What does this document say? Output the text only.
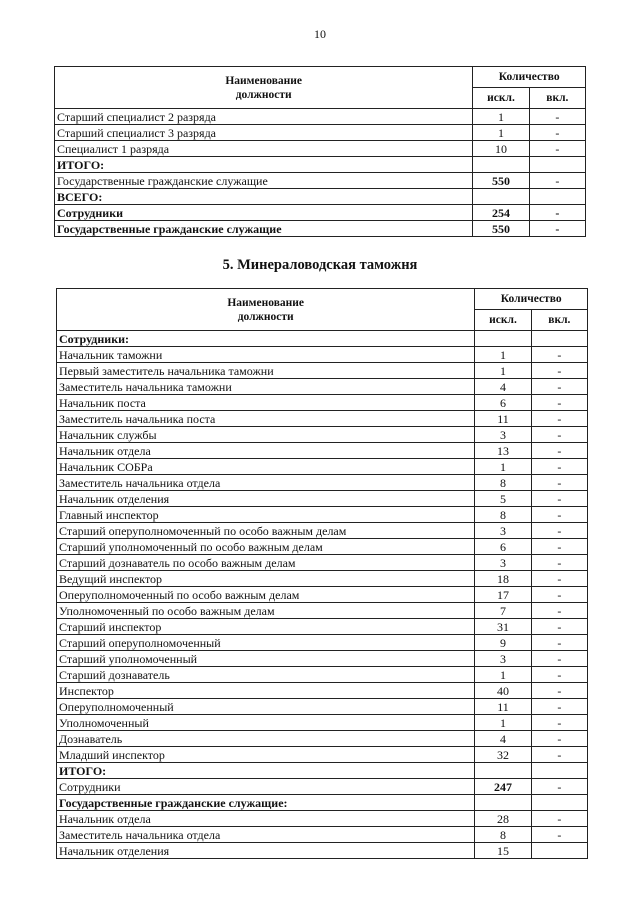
10
Наименование
должности	Количество	
	искл.	вкл.
Старший специалист 2 разряда	1	-
Старший специалист 3 разряда	1	-
Специалист 1 разряда	10	-
ИТОГО:		
Государственные гражданские служащие	550	-
ВСЕГО:		
Сотрудники	254	-
Государственные гражданские служащие	550	-
5. Минераловодская таможня
Наименование
должности	Количество	
	искл.	вкл.
Сотрудники:		
Начальник таможни	1	-
Первый заместитель начальника таможни	1	-
Заместитель начальника таможни	4	-
Начальник поста	6	-
Заместитель начальника поста	11	-
Начальник службы	3	-
Начальник отдела	13	-
Начальник СОБРа	1	-
Заместитель начальника отдела	8	-
Начальник отделения	5	-
Главный инспектор	8	-
Старший оперуполномоченный по особо важным делам	3	-
Старший уполномоченный по особо важным делам	6	-
Старший дознаватель по особо важным делам	3	-
Ведущий инспектор	18	-
Оперуполномоченный по особо важным делам	17	-
Уполномоченный по особо важным делам	7	-
Старший инспектор	31	-
Старший оперуполномоченный	9	-
Старший уполномоченный	3	-
Старший дознаватель	1	-
Инспектор	40	-
Оперуполномоченный	11	-
Уполномоченный	1	-
Дознаватель	4	-
Младший инспектор	32	-
ИТОГО:		
Сотрудники	247	-
Государственные гражданские служащие:		
Начальник отдела	28	-
Заместитель начальника отдела	8	-
Начальник отделения	15	
